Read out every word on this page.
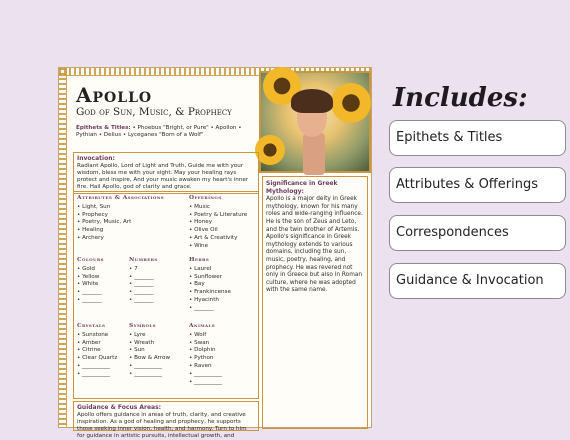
Apollo
God of Sun, Music, & Prophecy
Epithets & Titles: • Phoebus "Bright, or Pure" • Apollon • Pythian • Delius • Lyceganes "Born of a Wolf"
Invocation:
Radiant Apollo, Lord of Light and Truth, Guide me with your wisdom, bless me with your sight. May your healing rays protect and inspire, And your music awaken my heart's inner fire. Hail Apollo, god of clarity and grace.
Attributes & Associations
• Light, Sun
• Prophecy
• Poetry, Music, Art
• Healing
• Archery
Offerings
• Music
• Poetry & Literature
• Honey
• Olive Oil
• Art & Creativity
• Wine
Colours
• Gold
• Yellow
• White
• _______
• _______
Numbers
• 7
• _______
• _______
• _______
• _______
Herbs
• Laurel
• Sunflower
• Bay
• Frankincense
• Hyacinth
• _______
Crystals
• Sunstone
• Amber
• Citrine
• Clear Quartz
• __________
• __________
Symbols
• Lyre
• Wreath
• Sun
• Bow & Arrow
• __________
• __________
Animals
• Wolf
• Swan
• Dolphin
• Python
• Raven
• __________
• __________
Significance in Greek Mythology:
Apollo is a major deity in Greek mythology, known for his many roles and wide-ranging influence. He is the son of Zeus and Leto, and the twin brother of Artemis. Apollo's significance in Greek mythology extends to various domains, including the sun, music, poetry, healing, and prophecy. He was revered not only in Greece but also in Roman culture, where he was adopted with the same name.
Guidance & Focus Areas:
Apollo offers guidance in areas of truth, clarity, and creative inspiration. As a god of healing and prophecy, he supports those seeking inner vision, health, and harmony. Turn to him for guidance in artistic pursuits, intellectual growth, and
Includes:
Epithets & Titles
Attributes & Offerings
Correspondences
Guidance & Invocation
